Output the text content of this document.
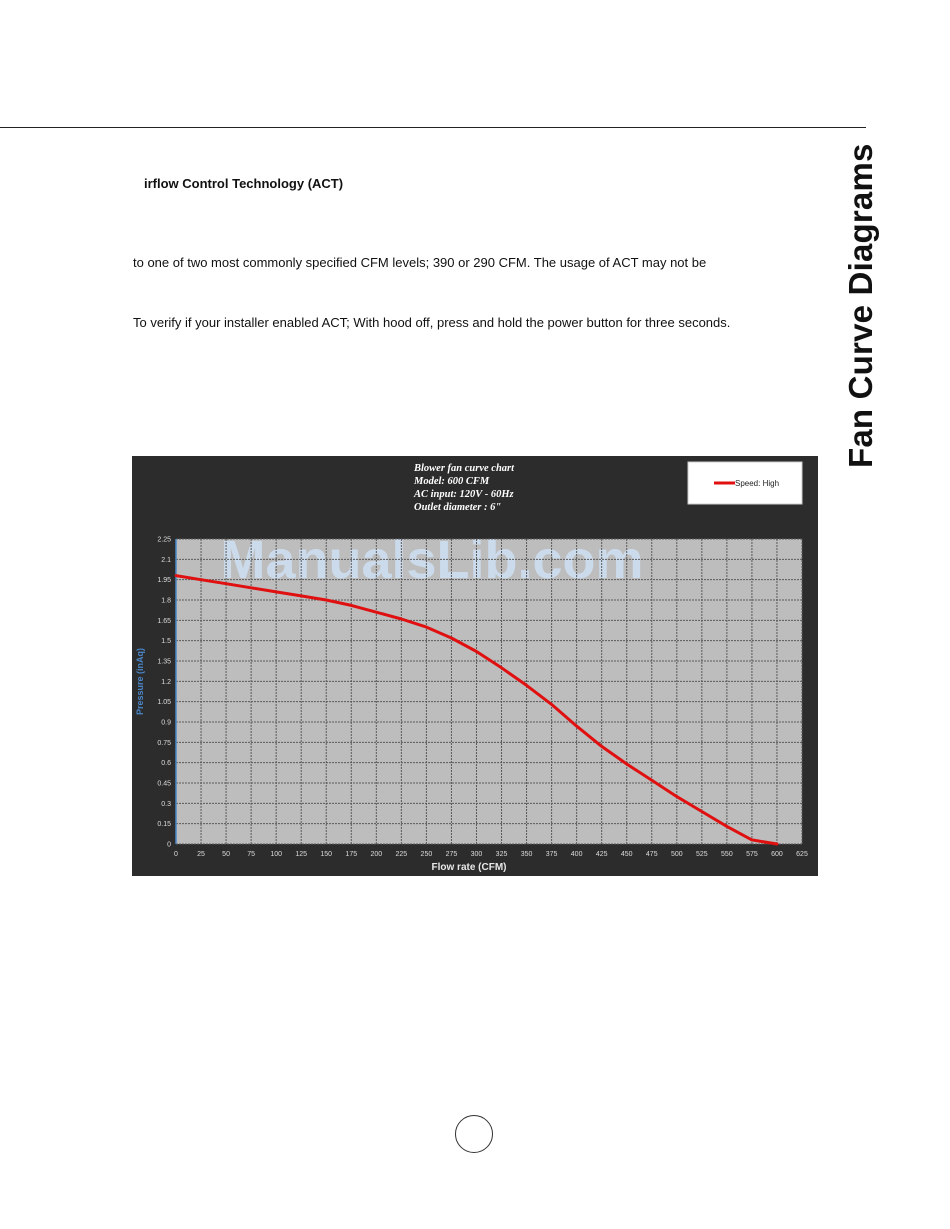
Fan Curve Diagrams
irflow Control Technology (ACT)
to one of two most commonly specified CFM levels; 390 or 290 CFM. The usage of ACT may not be
To verify if your installer enabled ACT; With hood off, press and hold the power button for three seconds.
ManualsLib.com
0	25 50 75 100 125 150 175 200 225 250 275 300 325 350 375 400 425 450 475 500 525 550 575 600 625
0
0.15
0.3
0.45
0.6
0.75
0.9
1.05
1.2
1.35
1.5
1.65
1.8
1.95
2.1
2.25
Flow rate (CFM)
Pressure (inAq)
Blower fan curve chart
Model: 600 CFM
AC input: 120V - 60Hz
Outlet diameter : 6"
Speed: High
